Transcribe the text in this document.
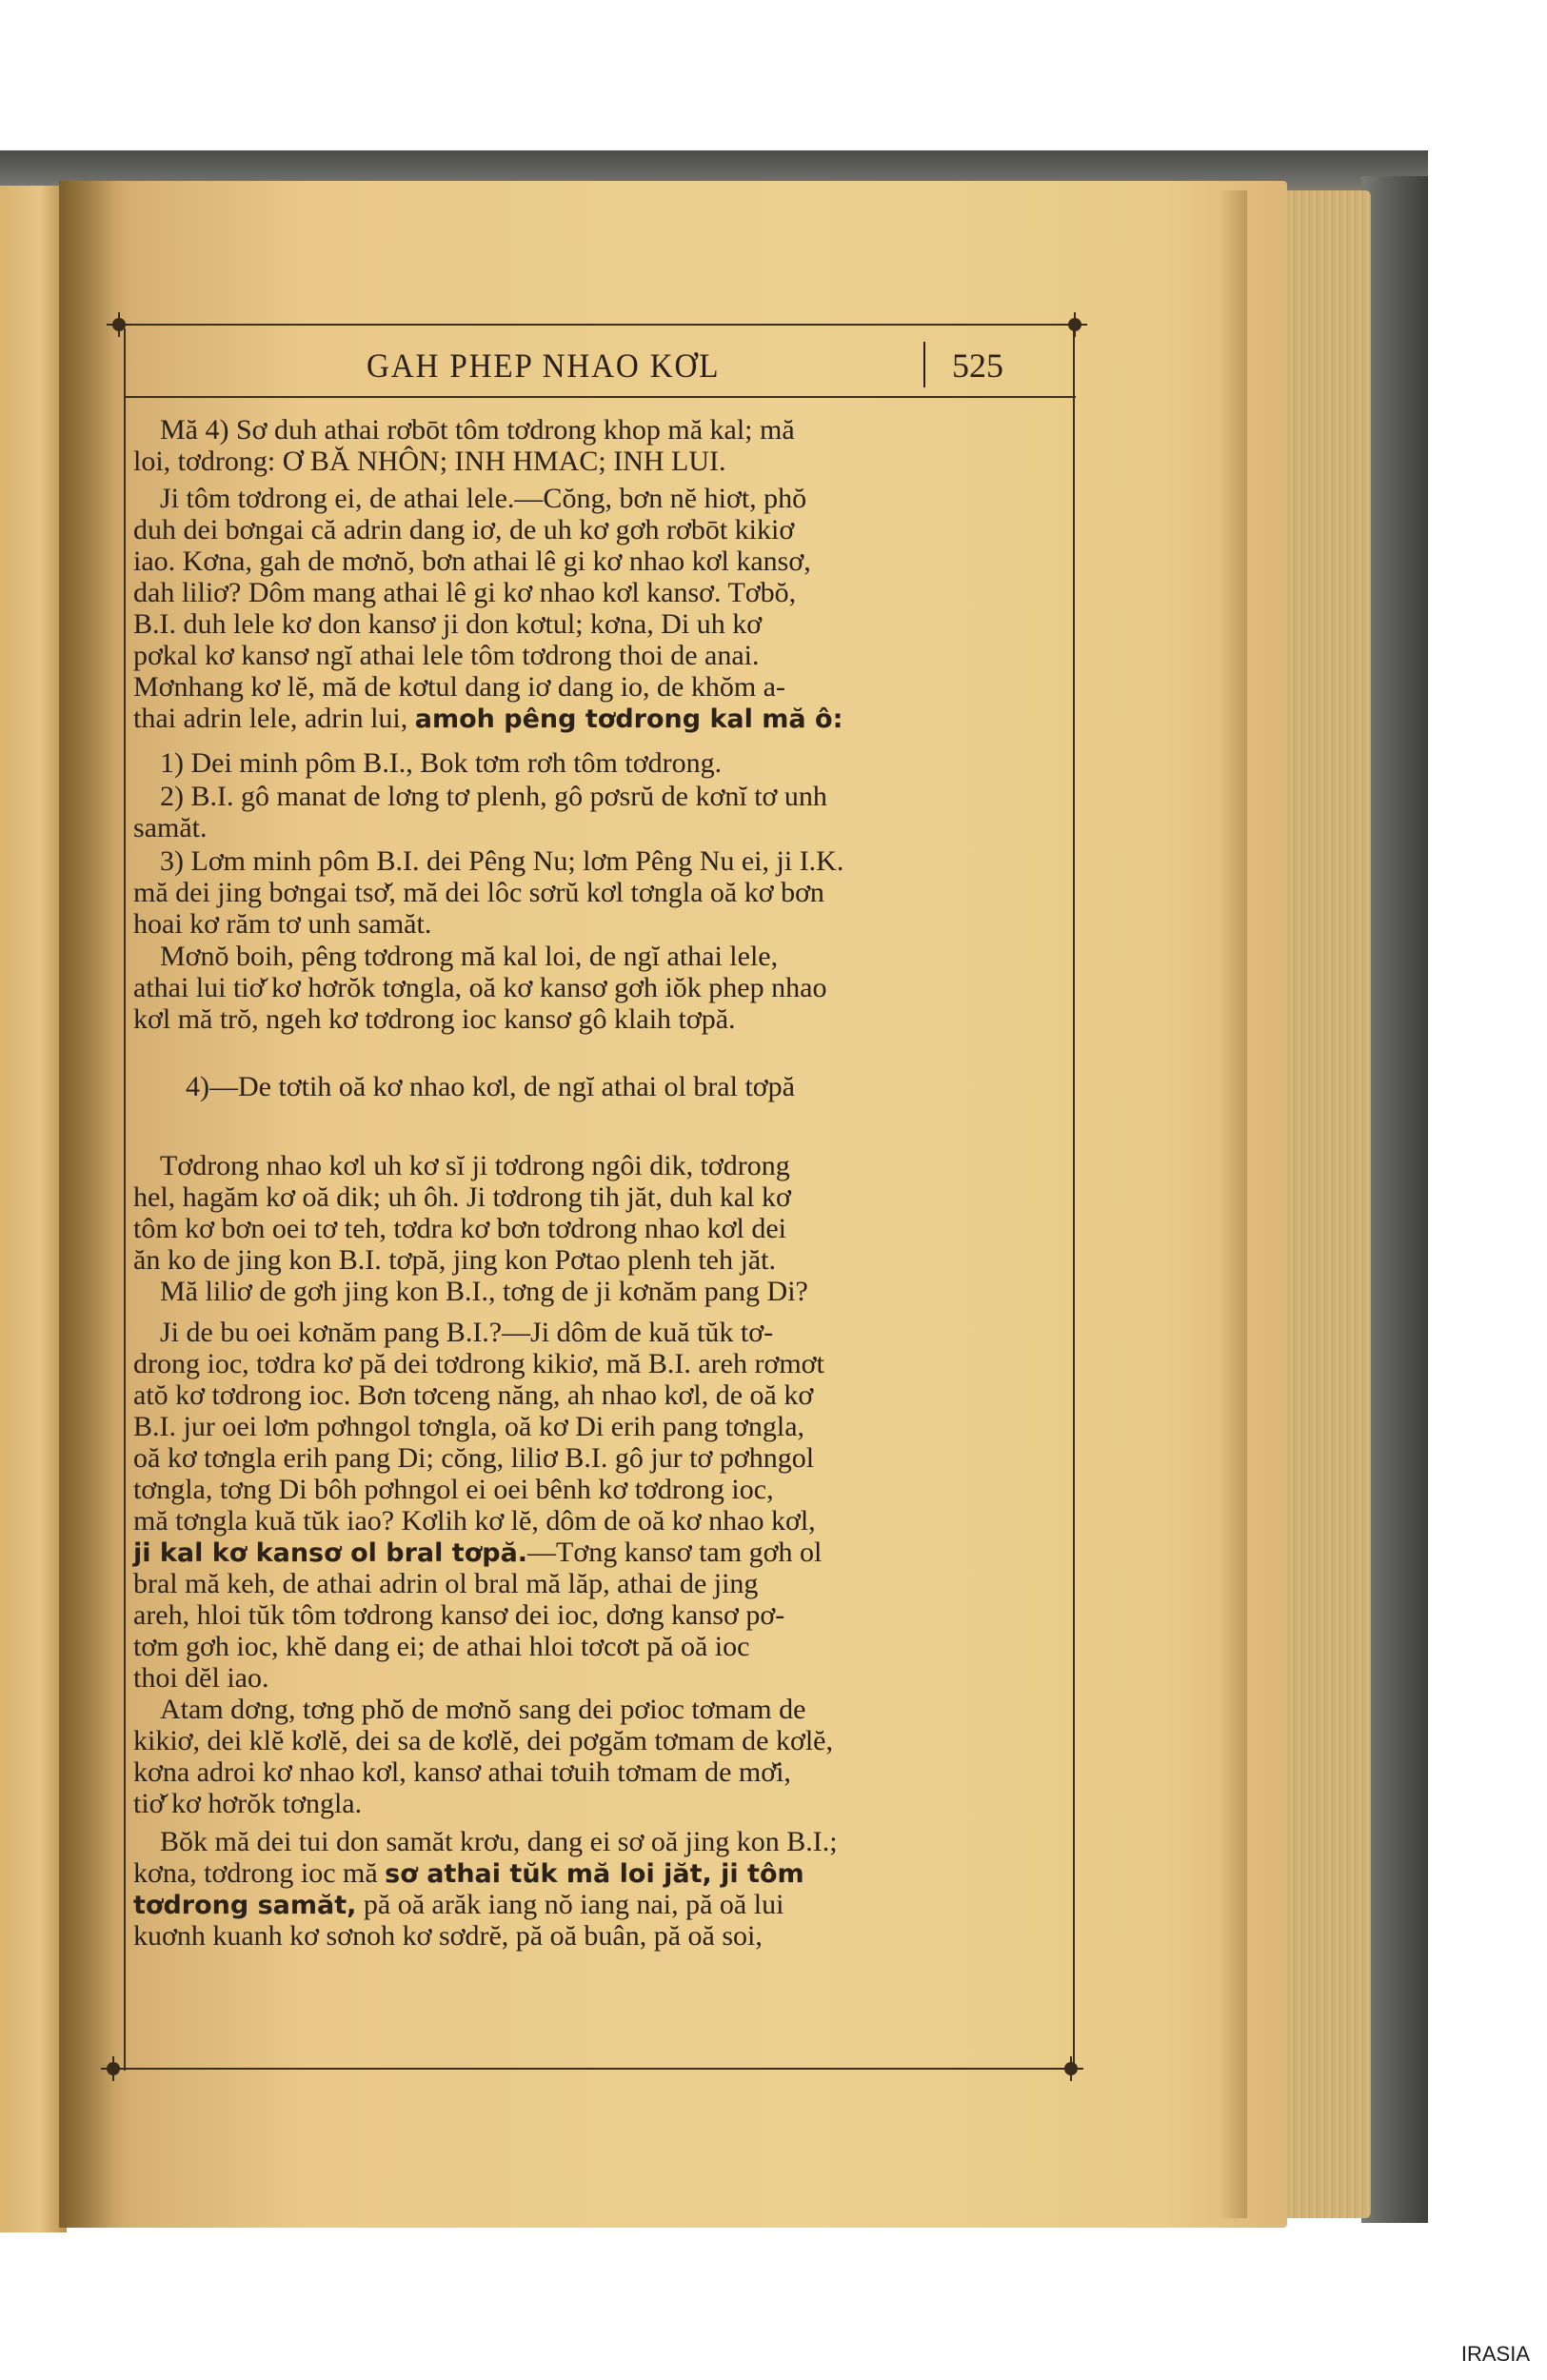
GAH PHEP NHAO KƠL	525
Mă 4) Sơ duh athai rơbōt tôm tơdrong khop mă kal; mă
loi, tơdrong: Ơ BĂ NHÔN; INH HMAC; INH LUI.
Ji tôm tơdrong ei, de athai lele.—Cŏng, bơn nĕ hiơt, phŏ
duh dei bơngai că adrin dang iơ, de uh kơ gơh rơbōt kikiơ
iao. Kơna, gah de mơnŏ, bơn athai lê gi kơ nhao kơl kansơ,
dah liliơ? Dôm mang athai lê gi kơ nhao kơl kansơ. Tơbŏ,
B.I. duh lele kơ don kansơ ji don kơtul; kơna, Di uh kơ
pơkal kơ kansơ ngĭ athai lele tôm tơdrong thoi de anai.
Mơnhang kơ lĕ, mă de kơtul dang iơ dang io, de khŏm a-
thai adrin lele, adrin lui, amoh pêng tơdrong kal mă ô:
1) Dei minh pôm B.I., Bok tơm rơh tôm tơdrong.
2) B.I. gô manat de lơng tơ plenh, gô pơsrŭ de kơnĭ tơ unh
samăt.
3) Lơm minh pôm B.I. dei Pêng Nu; lơm Pêng Nu ei, ji I.K.
mă dei jing bơngai tsơ̆, mă dei lôc sơrŭ kơl tơngla oă kơ bơn
hoai kơ răm tơ unh samăt.
Mơnŏ boih, pêng tơdrong mă kal loi, de ngĭ athai lele,
athai lui tiơ̆ kơ hơrŏk tơngla, oă kơ kansơ gơh iŏk phep nhao
kơl mă trŏ, ngeh kơ tơdrong ioc kansơ gô klaih tơpă.
4)—De tơtih oă kơ nhao kơl, de ngĭ athai ol bral tơpă
Tơdrong nhao kơl uh kơ sĭ ji tơdrong ngôi dik, tơdrong
hel, hagăm kơ oă dik; uh ôh. Ji tơdrong tih jăt, duh kal kơ
tôm kơ bơn oei tơ teh, tơdra kơ bơn tơdrong nhao kơl dei
ăn ko de jing kon B.I. tơpă, jing kon Pơtao plenh teh jăt.
Mă liliơ de gơh jing kon B.I., tơng de ji kơnăm pang Di?
Ji de bu oei kơnăm pang B.I.?—Ji dôm de kuă tŭk tơ-
drong ioc, tơdra kơ pă dei tơdrong kikiơ, mă B.I. areh rơmơt
atŏ kơ tơdrong ioc. Bơn tơceng năng, ah nhao kơl, de oă kơ
B.I. jur oei lơm pơhngol tơngla, oă kơ Di erih pang tơngla,
oă kơ tơngla erih pang Di; cŏng, liliơ B.I. gô jur tơ pơhngol
tơngla, tơng Di bôh pơhngol ei oei bênh kơ tơdrong ioc,
mă tơngla kuă tŭk iao? Kơlih kơ lĕ, dôm de oă kơ nhao kơl,
ji kal kơ kansơ ol bral tơpă.—Tơng kansơ tam gơh ol
bral mă keh, de athai adrin ol bral mă lăp, athai de jing
areh, hloi tŭk tôm tơdrong kansơ dei ioc, dơng kansơ pơ-
tơm gơh ioc, khĕ dang ei; de athai hloi tơcơt pă oă ioc
thoi dĕl iao.
Atam dơng, tơng phŏ de mơnŏ sang dei pơioc tơmam de
kikiơ, dei klĕ kơlĕ, dei sa de kơlĕ, dei pơgăm tơmam de kơlĕ,
kơna adroi kơ nhao kơl, kansơ athai tơuih tơmam de mơ̆i,
tiơ̆ kơ hơrŏk tơngla.
Bŏk mă dei tui don samăt krơu, dang ei sơ oă jing kon B.I.;
kơna, tơdrong ioc mă sơ athai tŭk mă loi jăt, ji tôm
tơdrong samăt, pă oă arăk iang nŏ iang nai, pă oă lui
kuơnh kuanh kơ sơnoh kơ sơdrĕ, pă oă buân, pă oă soi,
IRASIA
